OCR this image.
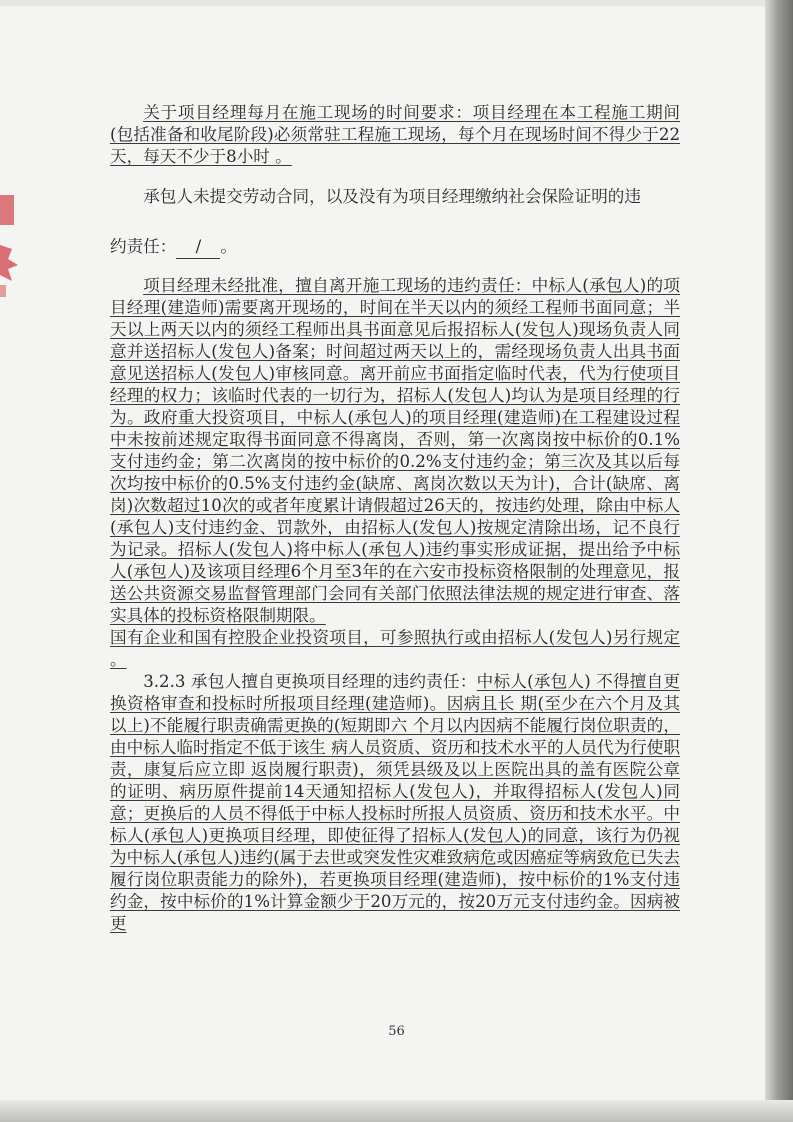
关于项目经理每月在施工现场的时间要求：项目经理在本工程施工期间(包括准备和收尾阶段)必须常驻工程施工现场，每个月在现场时间不得少于22天，每天不少于8小时 。

承包人未提交劳动合同，以及没有为项目经理缴纳社会保险证明的违

约责任： / 。

项目经理未经批准，擅自离开施工现场的违约责任：中标人(承包人)的项目经理(建造师)需要离开现场的，时间在半天以内的须经工程师书面同意；半天以上两天以内的须经工程师出具书面意见后报招标人(发包人)现场负责人同意并送招标人(发包人)备案；时间超过两天以上的，需经现场负责人出具书面意见送招标人(发包人)审核同意。离开前应书面指定临时代表，代为行使项目经理的权力；该临时代表的一切行为，招标人(发包人)均认为是项目经理的行为。政府重大投资项目，中标人(承包人)的项目经理(建造师)在工程建设过程中未按前述规定取得书面同意不得离岗，否则，第一次离岗按中标价的0.1%支付违约金；第二次离岗的按中标价的0.2%支付违约金；第三次及其以后每次均按中标价的0.5%支付违约金(缺席、离岗次数以天为计)，合计(缺席、离岗)次数超过10次的或者年度累计请假超过26天的，按违约处理，除由中标人(承包人)支付违约金、罚款外，由招标人(发包人)按规定清除出场，记不良行为记录。招标人(发包人)将中标人(承包人)违约事实形成证据，提出给予中标人(承包人)及该项目经理6个月至3年的在六安市投标资格限制的处理意见，报送公共资源交易监督管理部门会同有关部门依照法律法规的规定进行审查、落实具体的投标资格限制期限。

国有企业和国有控股企业投资项目，可参照执行或由招标人(发包人)另行规定 。

3.2.3 承包人擅自更换项目经理的违约责任：中标人(承包人) 不得擅自更换资格审查和投标时所报项目经理(建造师)。因病且长 期(至少在六个月及其以上)不能履行职责确需更换的(短期即六 个月以内因病不能履行岗位职责的，由中标人临时指定不低于该生 病人员资质、资历和技术水平的人员代为行使职责，康复后应立即 返岗履行职责)，须凭县级及以上医院出具的盖有医院公章的证明、病历原件提前14天通知招标人(发包人)，并取得招标人(发包人)同意；更换后的人员不得低于中标人投标时所报人员资质、资历和技术水平。中标人(承包人)更换项目经理，即使征得了招标人(发包人)的同意，该行为仍视为中标人(承包人)违约(属于去世或突发性灾难致病危或因癌症等病致危已失去履行岗位职责能力的除外)，若更换项目经理(建造师)，按中标价的1%支付违约金，按中标价的1%计算金额少于20万元的，按20万元支付违约金。因病被更

56
